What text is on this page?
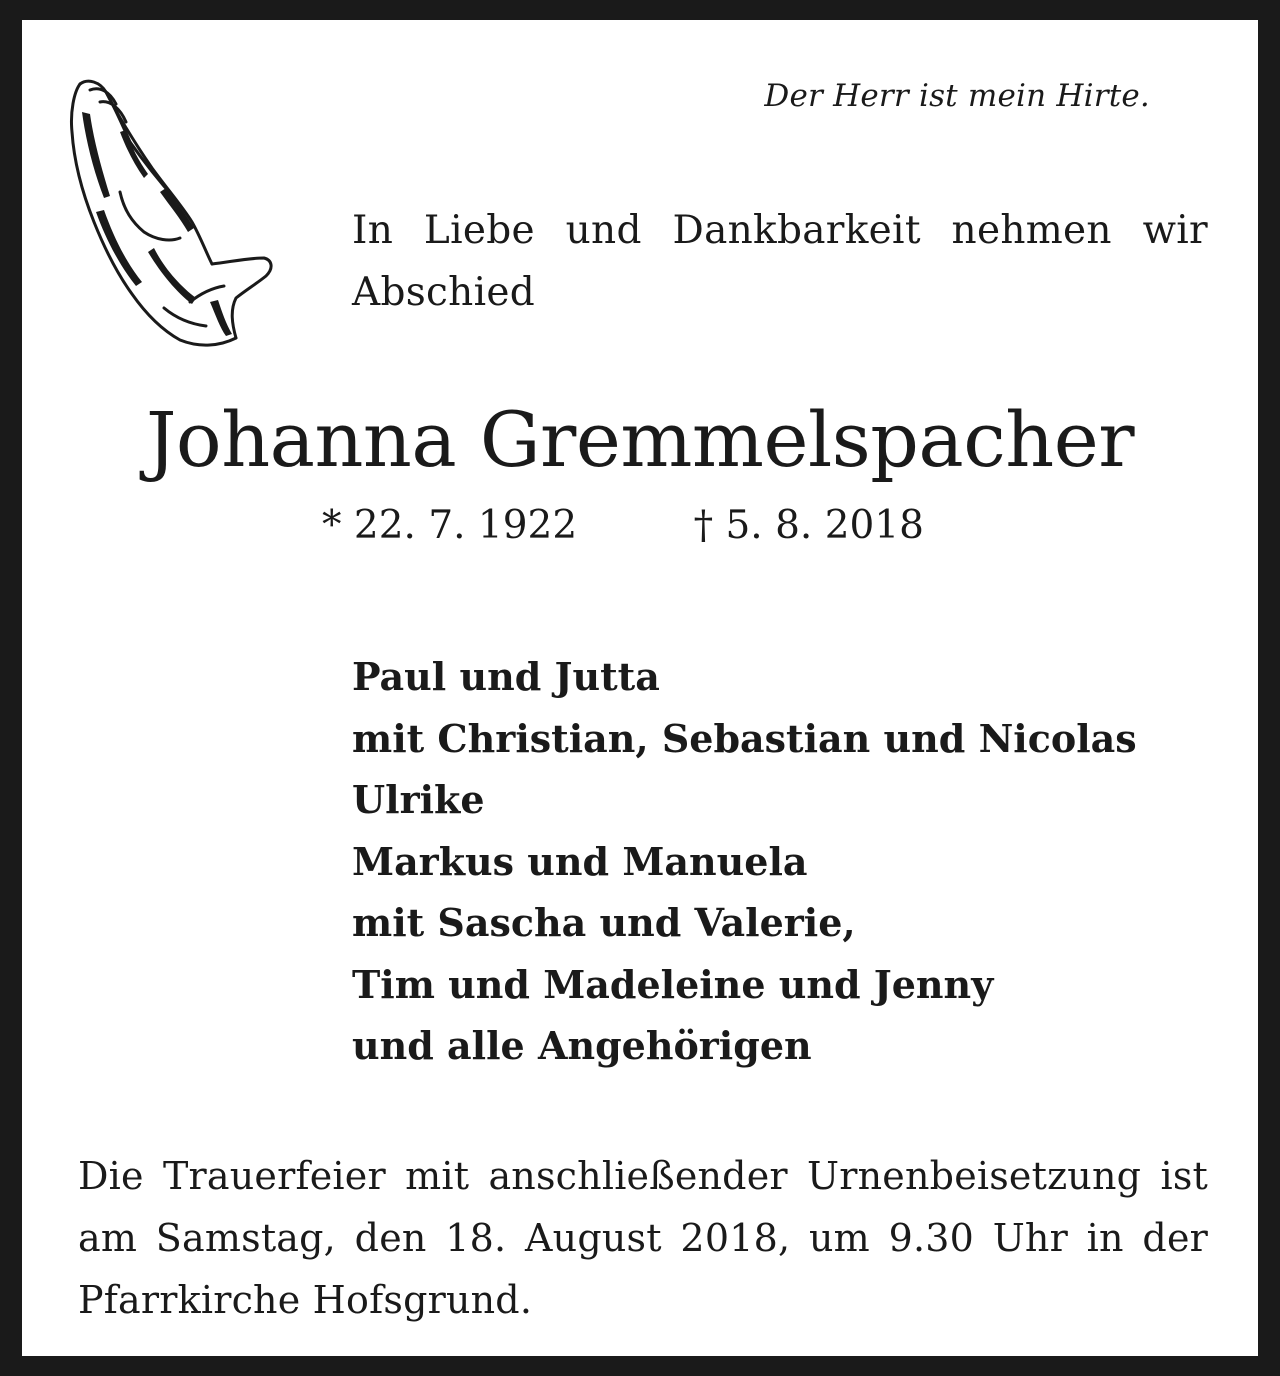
Der Herr ist mein Hirte.
In Liebe und Dankbarkeit nehmen wir Abschied
Johanna Gremmelspacher
* 22. 7. 1922	† 5. 8. 2018
Paul und Jutta
mit Christian, Sebastian und Nicolas
Ulrike
Markus und Manuela
mit Sascha und Valerie,
Tim und Madeleine und Jenny
und alle Angehörigen
Die Trauerfeier mit anschließender Urnenbeisetzung ist am Samstag, den 18. August 2018, um 9.30 Uhr in der Pfarrkirche Hofsgrund.
